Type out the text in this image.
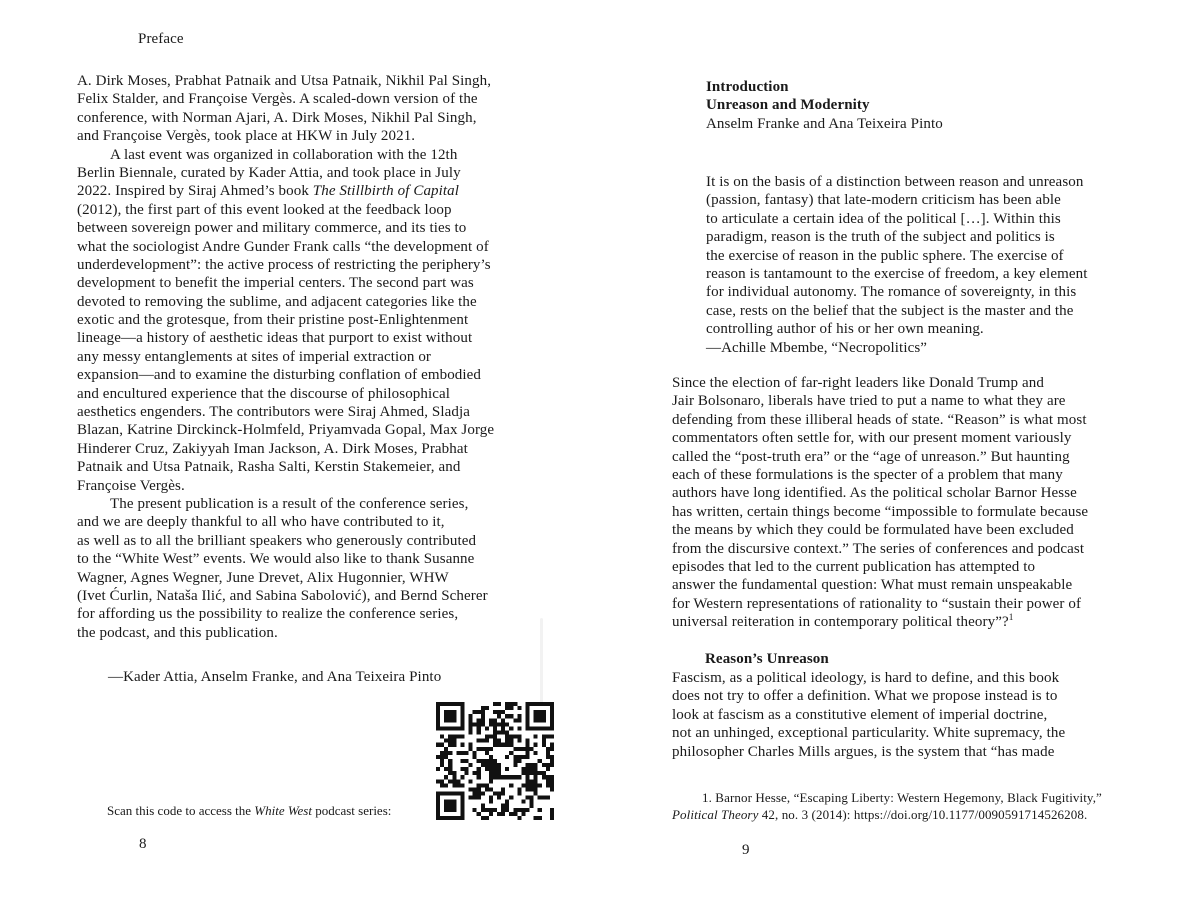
Preface
A. Dirk Moses, Prabhat Patnaik and Utsa Patnaik, Nikhil Pal Singh,
Felix Stalder, and Françoise Vergès. A scaled-down version of the
conference, with Norman Ajari, A. Dirk Moses, Nikhil Pal Singh,
and Françoise Vergès, took place at HKW in July 2021.
A last event was organized in collaboration with the 12th
Berlin Biennale, curated by Kader Attia, and took place in July
2022. Inspired by Siraj Ahmed’s book The Stillbirth of Capital
(2012), the first part of this event looked at the feedback loop
between sovereign power and military commerce, and its ties to
what the sociologist Andre Gunder Frank calls “the development of
underdevelopment”: the active process of restricting the periphery’s
development to benefit the imperial centers. The second part was
devoted to removing the sublime, and adjacent categories like the
exotic and the grotesque, from their pristine post-Enlightenment
lineage—a history of aesthetic ideas that purport to exist without
any messy entanglements at sites of imperial extraction or
expansion—and to examine the disturbing conflation of embodied
and encultured experience that the discourse of philosophical
aesthetics engenders. The contributors were Siraj Ahmed, Sladja
Blazan, Katrine Dirckinck-Holmfeld, Priyamvada Gopal, Max Jorge
Hinderer Cruz, Zakiyyah Iman Jackson, A. Dirk Moses, Prabhat
Patnaik and Utsa Patnaik, Rasha Salti, Kerstin Stakemeier, and
Françoise Vergès.
The present publication is a result of the conference series,
and we are deeply thankful to all who have contributed to it,
as well as to all the brilliant speakers who generously contributed
to the “White West” events. We would also like to thank Susanne
Wagner, Agnes Wegner, June Drevet, Alix Hugonnier, WHW
(Ivet Ćurlin, Nataša Ilić, and Sabina Sabolović), and Bernd Scherer
for affording us the possibility to realize the conference series,
the podcast, and this publication.
—Kader Attia, Anselm Franke, and Ana Teixeira Pinto
Scan this code to access the White West podcast series:
8
Introduction
Unreason and Modernity
Anselm Franke and Ana Teixeira Pinto
It is on the basis of a distinction between reason and unreason
(passion, fantasy) that late-modern criticism has been able
to articulate a certain idea of the political […]. Within this
paradigm, reason is the truth of the subject and politics is
the exercise of reason in the public sphere. The exercise of
reason is tantamount to the exercise of freedom, a key element
for individual autonomy. The romance of sovereignty, in this
case, rests on the belief that the subject is the master and the
controlling author of his or her own meaning.
—Achille Mbembe, “Necropolitics”
Since the election of far-right leaders like Donald Trump and
Jair Bolsonaro, liberals have tried to put a name to what they are
defending from these illiberal heads of state. “Reason” is what most
commentators often settle for, with our present moment variously
called the “post-truth era” or the “age of unreason.” But haunting
each of these formulations is the specter of a problem that many
authors have long identified. As the political scholar Barnor Hesse
has written, certain things become “impossible to formulate because
the means by which they could be formulated have been excluded
from the discursive context.” The series of conferences and podcast
episodes that led to the current publication has attempted to
answer the fundamental question: What must remain unspeakable
for Western representations of rationality to “sustain their power of
universal reiteration in contemporary political theory”?$^1$
Reason’s Unreason
Fascism, as a political ideology, is hard to define, and this book
does not try to offer a definition. What we propose instead is to
look at fascism as a constitutive element of imperial doctrine,
not an unhinged, exceptional particularity. White supremacy, the
philosopher Charles Mills argues, is the system that “has made
1. Barnor Hesse, “Escaping Liberty: Western Hegemony, Black Fugitivity,”
Political Theory 42, no. 3 (2014): https://doi.org/10.1177/0090591714526208.
9
